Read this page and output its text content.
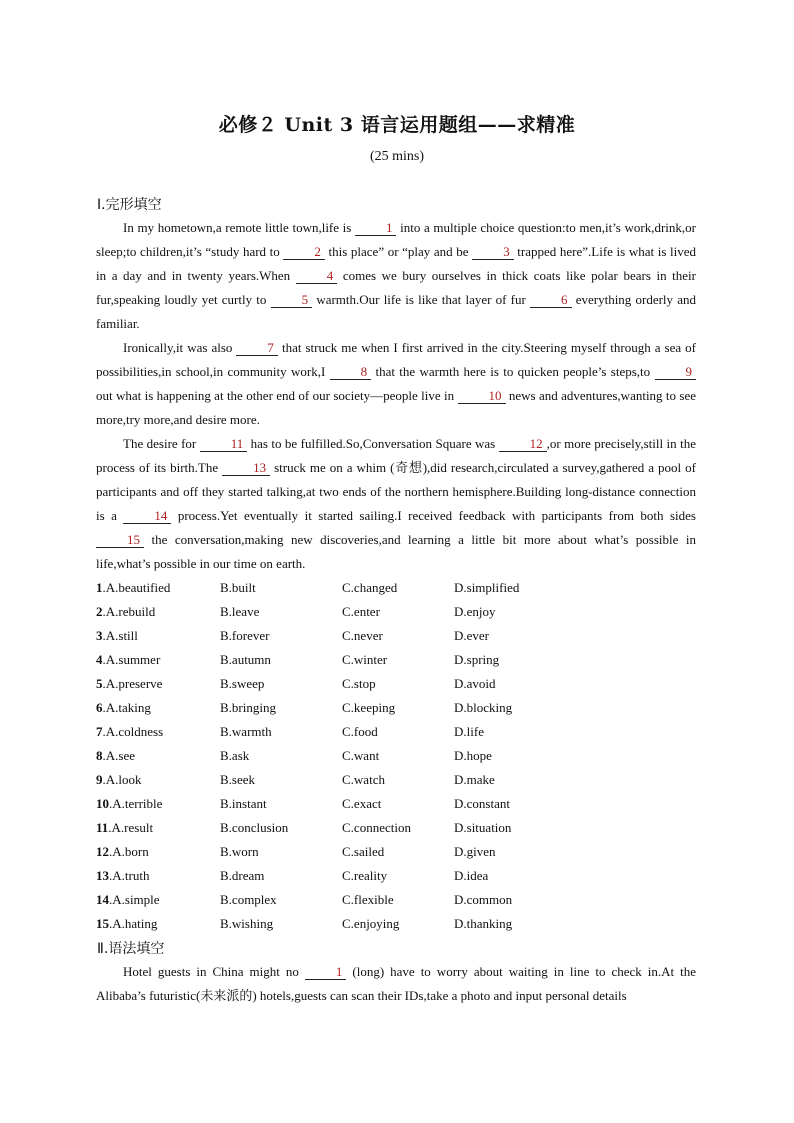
必修２ Unit 3 语言运用题组——求精准
(25 mins)
Ⅰ.完形填空

In my hometown,a remote little town,life is 1 into a multiple choice question:to men,it’s work,drink,or sleep;to children,it’s “study hard to 2 this place” or “play and be 3 trapped here”.Life is what is lived in a day and in twenty years.When 4 comes we bury ourselves in thick coats like polar bears in their fur,speaking loudly yet curtly to 5 warmth.Our life is like that layer of fur 6 everything orderly and familiar.

Ironically,it was also 7 that struck me when I first arrived in the city.Steering myself through a sea of possibilities,in school,in community work,I 8 that the warmth here is to quicken people’s steps,to 9 out what is happening at the other end of our society—people live in 10 news and adventures,wanting to see more,try more,and desire more.

The desire for 11 has to be fulfilled.So,Conversation Square was 12 ,or more precisely,still in the process of its birth.The 13 struck me on a whim (奇想),did research,circulated a survey,gathered a pool of participants and off they started talking,at two ends of the northern hemisphere.Building long-distance connection is a 14 process.Yet eventually it started sailing.I received feedback with participants from both sides 15 the conversation,making new discoveries,and learning a little bit more about what’s possible in life,what’s possible in our time on earth.

1.A.beautified	B.built	C.changed	D.simplified
2.A.rebuild	B.leave	C.enter	D.enjoy
3.A.still	B.forever	C.never	D.ever
4.A.summer	B.autumn	C.winter	D.spring
5.A.preserve	B.sweep	C.stop	D.avoid
6.A.taking	B.bringing	C.keeping	D.blocking
7.A.coldness	B.warmth	C.food	D.life
8.A.see	B.ask	C.want	D.hope
9.A.look	B.seek	C.watch	D.make
10.A.terrible	B.instant	C.exact	D.constant
11.A.result	B.conclusion	C.connection	D.situation
12.A.born	B.worn	C.sailed	D.given
13.A.truth	B.dream	C.reality	D.idea
14.A.simple	B.complex	C.flexible	D.common
15.A.hating	B.wishing	C.enjoying	D.thanking
Ⅱ.语法填空

Hotel guests in China might no 1 (long) have to worry about waiting in line to check in.At the Alibaba’s futuristic(未来派的) hotels,guests can scan their IDs,take a photo and input personal details
